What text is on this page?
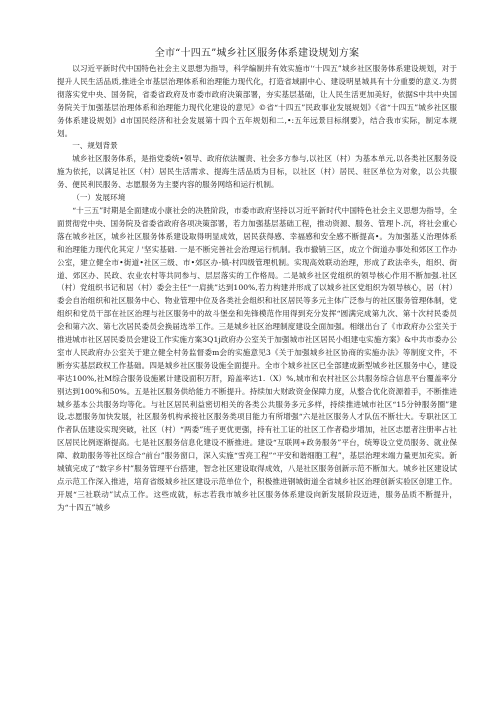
全市“十四五”城乡社区服务体系建设规划方案

以习近平新时代中国特色社会主义思想为指导，科学编制并有效实施市'‘十四五”城乡社区服务体系建设规划，对于提升人民生活品质,推进全市基层治理体系和治理能力现代化，打造省域副中心、建设明星城具有十分重要的意义.为贯彻落实党中央、国务院，省委省政府及市委市政府决策部署，夯实基层基础，让人民生活更加美好，依据S中共中央国务院关于加强基层治理体系和治理能力现代化建设的意见》©省“十四五”民政事业发展规划》《省“十四五”城乡社区服务体系建设规划》d市国民经济和社会发展第十四个五年规划和二,•:五年远景目标纲要》，结合我市实际，制定本规划。

一、规划背景

城乡社区服务体系，是指党委统•领导、政府依法履责、社会多方参与,以社区（村）为基本单元,以各类社区服务设施为依托，以满足社区（村）居民生活需求、提海生活品质为目标，以社区（村）居民、驻区单位为对象，以公共服务、便民利民服务、志愿服务为主要内容的服务网络和运行机制。

（一）发展环境

“十三五”时期是全面建成小康社会的决胜阶段，市委市政府坚持以习近平新时代中国特色社会主义思想为指导，全面贯彻党中央、国务院及省委省政府各项决策部署，若力加强基层基础工程，推动资源、服务、管理卜.沉，将社会重心落在城乡社区，城乡社区服务体系建设取得明显成效，居民获得感、幸福感和安全感不断提高•。为加强基乂治理体系和治理能力现代化其定丿'坚实基础. 一是不断完善社会治理运行机制。我市撤销三区，成立个街道办事处和郊区工作办公室，建立健全市•街道•社区三级、市•郊区办-镇-村四级管理机制。实现高效联动治理，形成了政法牵头，组织、街道、郊区办、民政、农业农村等共同参与、层层落实的工作格局。二是城乡社区党组织的领导核心作用不断加强.社区（村）党组织书记和居（村）委会主任“一肩挑”达到100%,若力构建并形成了以城乡社区党组织为领导核心，居（村）委会自治组织和社区服务中心、物业管理中位及各类社会组织和社区居民等多元主体广泛参与的社区服务管理体制，党组织和党员干部在社区治理与社区服务中的故斗堡垒和先锋模范作用得到充分发挥“圆满完成第九次、第十次村民委员会和第六次、第七次居民委员会换届选举工作。三是城乡社区治理制度建设全面加强。相继出台了《市政府办公室关于推进城市社区居民委员会建设工作实施方案3Q1j政府办公室关于加强城市社区居民小组建屯实施方案》&中共市委办公室市人民政府办公室关于建立健全村务监督委m会的实施意见3《关于加强城乡社区协商的实施办法》等制度文件，不断夯实基层政权工作基础。四是城乡社区服务设施全面提升。全市个城乡社区已全部建成新型城乡社区服务中心，建设率达100%,社M综合服务设施累计建设面积万肝，踣盖率达1.（X）%,城市和农村社区公共服务综合信息平台覆盖率分别达到100%和50%。五是社区服务供给能力不断提升。持续加大财政资金保障力度，从整合优化资源着手，不断推进城乡基本公共服务均等化。与社区居民利益密切相关的各类公共服务多元多样，持续推进城市社区“15分钟服务圈”建设,志愿服务加快发展，社区服务机构承接社区服务类项目能力有所增强“六是社区服务人才队伍不断壮大。专职社区工作者队伍建设实现突破，社区（村）“两委”班子更优更强，持有社工证的社区工作者稳步增加，社区志愿者注册率占社区居民比例逐渐提高。七是社区服务信息化建设不断推进。建设“互联网+政务服务”平台，统筹设立党员服务、就业保障、救助服务等社区综合“前台”服务窗口，深入实施“雪亮工程”“平安和谐细胞工程”，基层治理末端力量更加充实。新城镇完成了“数字乡村”服务管理平台搭建，智念社区建设取得成效，八是社区服务创新示范不断加大。城乡社区建设试点示范工作深入推进，培育省级城乡社区建设示范单位个，积极推进钢城街道全省城乡社区治理创新实验区创建工作。开展“三社联动”试点工作。这些成就，标志若我市城乡社区服务体系建设向新发展阶段迈进，服务品质不断提升，为“十四五”城乡
